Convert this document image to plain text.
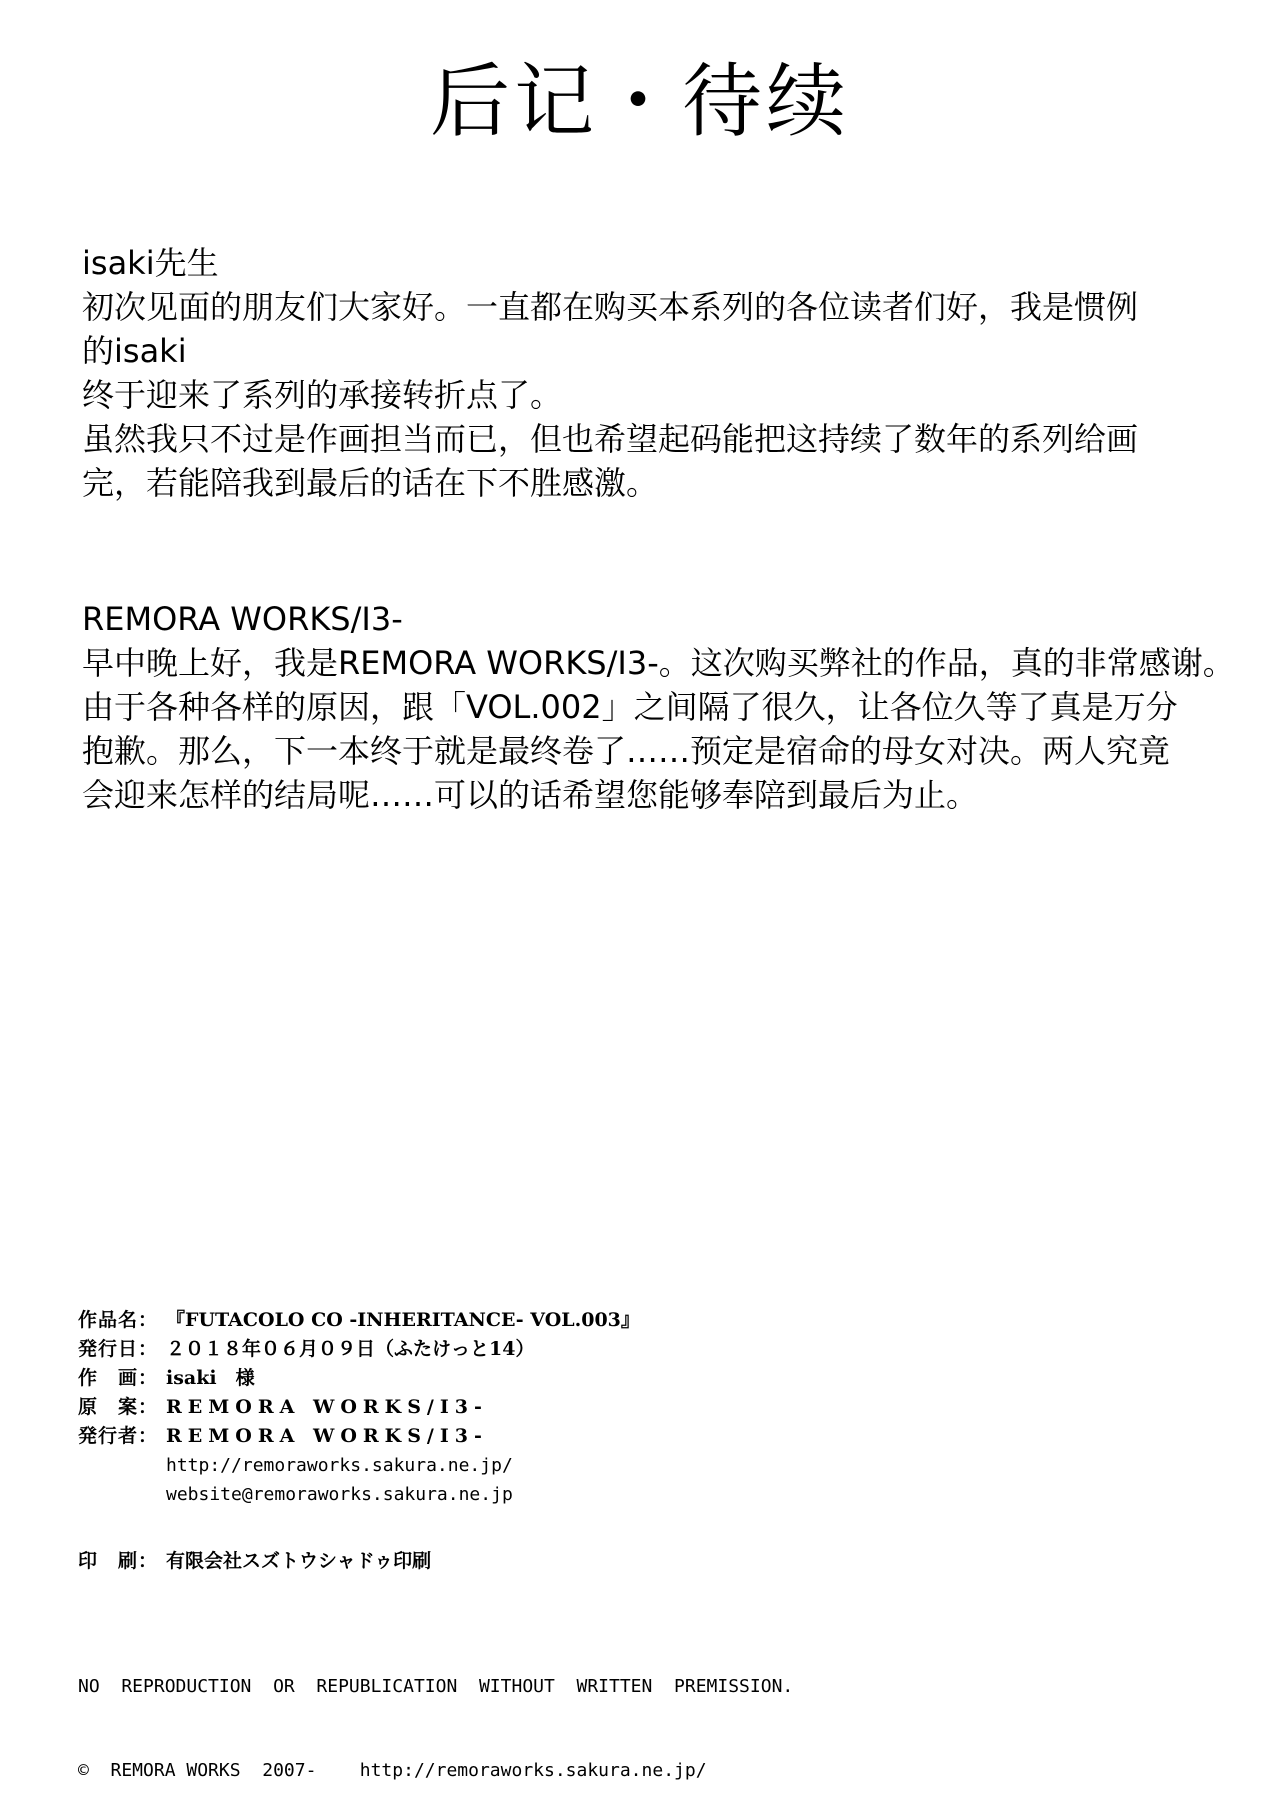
后记・待续
isaki先生
初次见面的朋友们大家好。一直都在购买本系列的各位读者们好，我是惯例
的isaki
终于迎来了系列的承接转折点了。
虽然我只不过是作画担当而已，但也希望起码能把这持续了数年的系列给画
完，若能陪我到最后的话在下不胜感激。
REMORA WORKS/I3-
早中晚上好，我是REMORA WORKS/I3-。这次购买弊社的作品，真的非常感谢。
由于各种各样的原因，跟「VOL.002」之间隔了很久，让各位久等了真是万分
抱歉。那么，下一本终于就是最终卷了……预定是宿命的母女对决。两人究竟
会迎来怎样的结局呢……可以的话希望您能够奉陪到最后为止。
作品名： 『FUTACOLO CO -INHERITANCE- VOL.003』
発行日： ２０１８年０６月０９日（ふたけっと14）
作　画： isaki　様
原　案： REMORA WORKS/I3-
発行者： REMORA WORKS/I3-
http://remoraworks.sakura.ne.jp/
website@remoraworks.sakura.ne.jp
印　刷： 有限会社スズトウシャドゥ印刷

NO  REPRODUCTION  OR  REPUBLICATION  WITHOUT  WRITTEN  PREMISSION.

©  REMORA WORKS  2007-    http://remoraworks.sakura.ne.jp/
